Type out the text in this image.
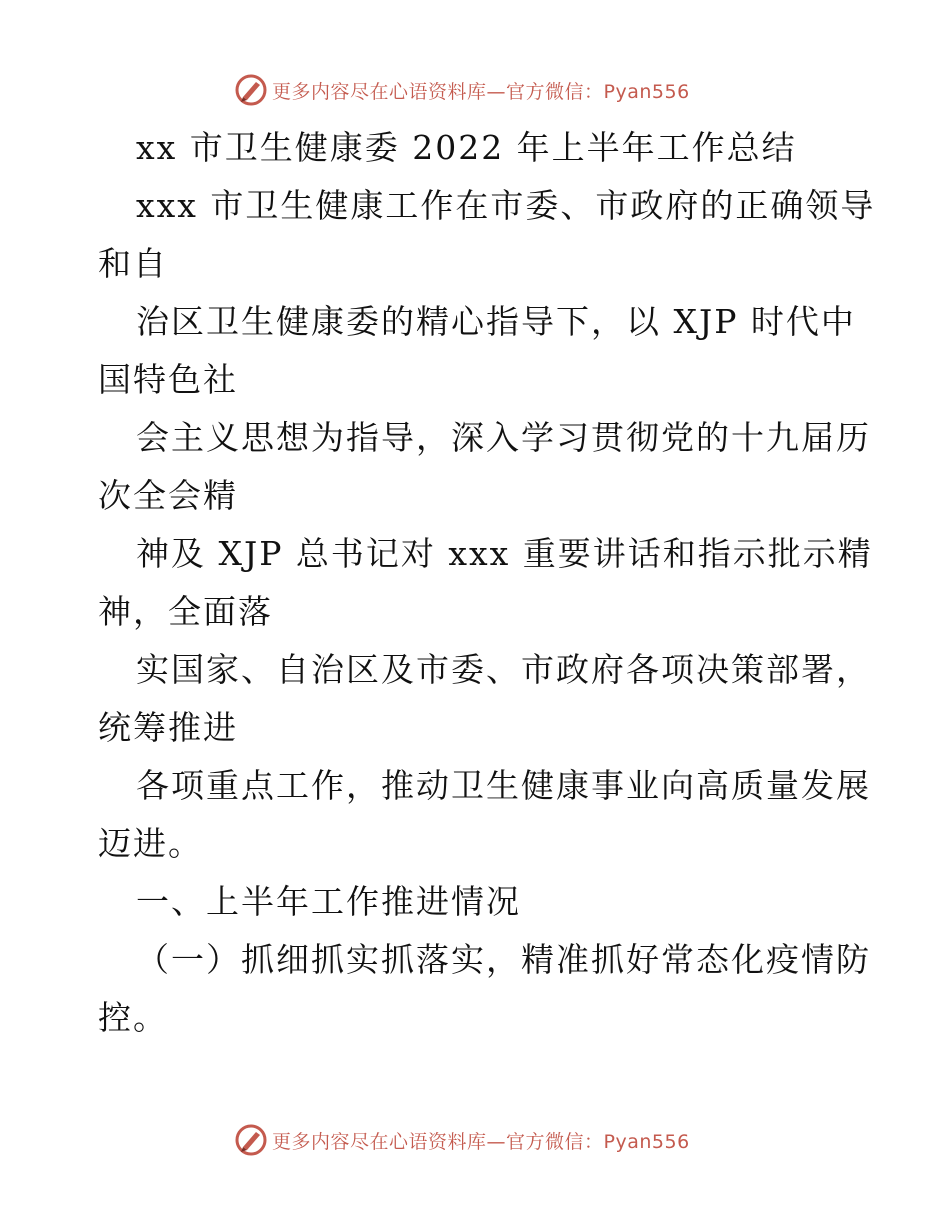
更多内容尽在心语资料库—官方微信：Pyan556
xx 市卫生健康委 2022 年上半年工作总结
xxx 市卫生健康工作在市委、市政府的正确领导
和自
治区卫生健康委的精心指导下，以 XJP 时代中
国特色社
会主义思想为指导，深入学习贯彻党的十九届历
次全会精
神及 XJP 总书记对 xxx 重要讲话和指示批示精
神，全面落
实国家、自治区及市委、市政府各项决策部署，
统筹推进
各项重点工作，推动卫生健康事业向高质量发展
迈进。
一、上半年工作推进情况
（一）抓细抓实抓落实，精准抓好常态化疫情防
控。
更多内容尽在心语资料库—官方微信：Pyan556
